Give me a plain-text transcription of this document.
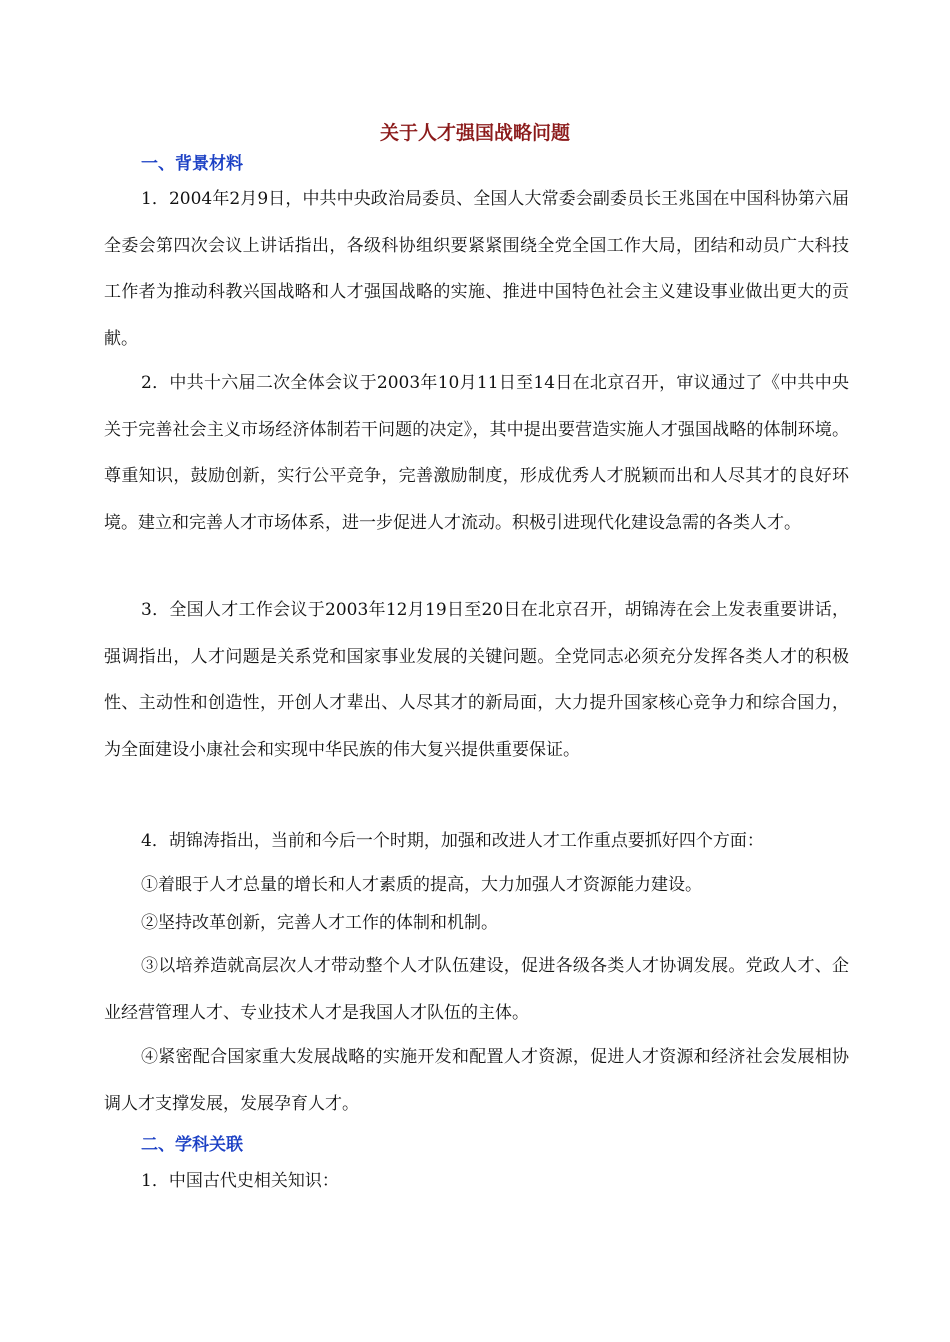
关于人才强国战略问题
一、背景材料

1．2004年2月9日，中共中央政治局委员、全国人大常委会副委员长王兆国在中国科协第六届全委会第四次会议上讲话指出，各级科协组织要紧紧围绕全党全国工作大局，团结和动员广大科技工作者为推动科教兴国战略和人才强国战略的实施、推进中国特色社会主义建设事业做出更大的贡献。

2．中共十六届二次全体会议于2003年10月11日至14日在北京召开，审议通过了《中共中央关于完善社会主义市场经济体制若干问题的决定》，其中提出要营造实施人才强国战略的体制环境。尊重知识，鼓励创新，实行公平竞争，完善激励制度，形成优秀人才脱颖而出和人尽其才的良好环境。建立和完善人才市场体系，进一步促进人才流动。积极引进现代化建设急需的各类人才。

3．全国人才工作会议于2003年12月19日至20日在北京召开，胡锦涛在会上发表重要讲话，强调指出，人才问题是关系党和国家事业发展的关键问题。全党同志必须充分发挥各类人才的积极性、主动性和创造性，开创人才辈出、人尽其才的新局面，大力提升国家核心竞争力和综合国力，为全面建设小康社会和实现中华民族的伟大复兴提供重要保证。

4．胡锦涛指出，当前和今后一个时期，加强和改进人才工作重点要抓好四个方面：

①着眼于人才总量的增长和人才素质的提高，大力加强人才资源能力建设。

②坚持改革创新，完善人才工作的体制和机制。

③以培养造就高层次人才带动整个人才队伍建设，促进各级各类人才协调发展。党政人才、企业经营管理人才、专业技术人才是我国人才队伍的主体。

④紧密配合国家重大发展战略的实施开发和配置人才资源，促进人才资源和经济社会发展相协调人才支撑发展，发展孕育人才。

二、学科关联

1．中国古代史相关知识：
